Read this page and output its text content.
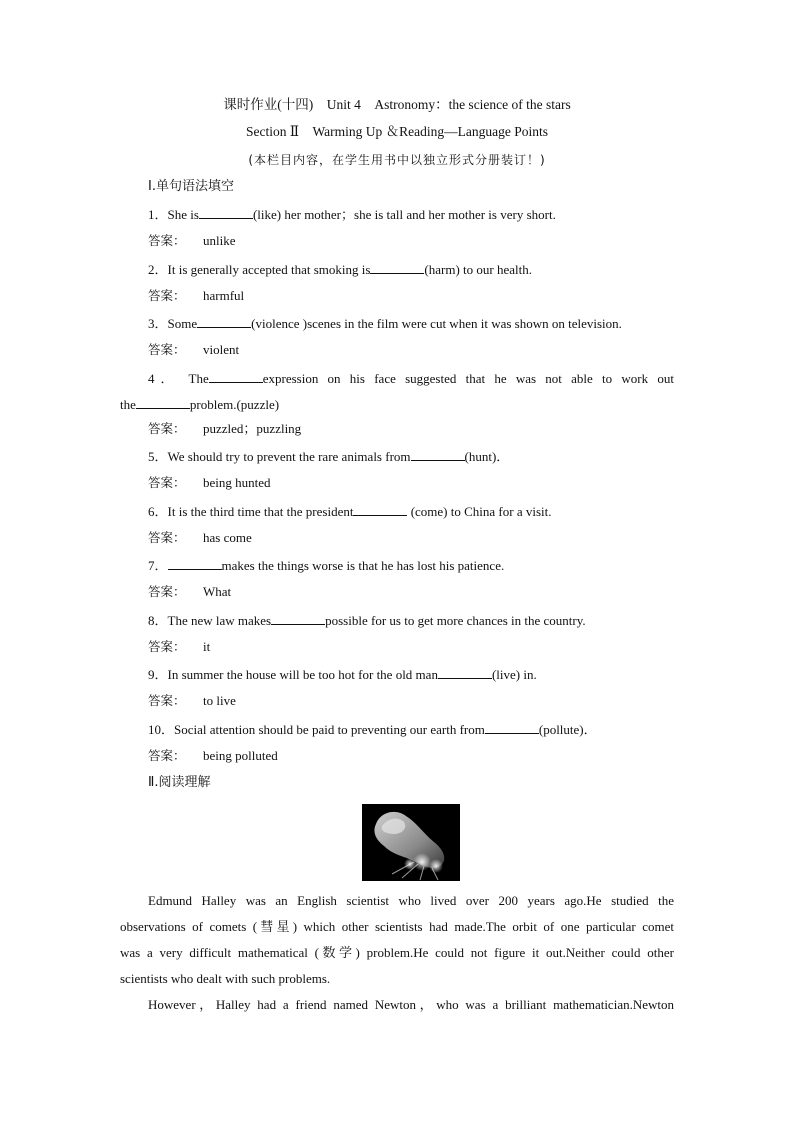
课时作业(十四)　Unit 4　Astronomy：the science of the stars
Section Ⅱ　Warming Up ＆Reading—Language Points
(本栏目内容，在学生用书中以独立形式分册装订！)
Ⅰ.单句语法填空
1．She is	(like) her mother；she is tall and her mother is very short.
答案： unlike
2．It is generally accepted that smoking is	(harm) to our health.
答案： harmful
3．Some	(violence )scenes in the film were cut when it was shown on television.
答案： violent
4． The	expression on his face suggested that he was not able to work out
the	problem.(puzzle)
答案： puzzled；puzzling
5．We should try to prevent the rare animals from	(hunt)．
答案： being hunted
6．It is the third time that the president	(come) to China for a visit.
答案： has come
7．	makes the things worse is that he has lost his patience.
答案： What
8．The new law makes	possible for us to get more chances in the country.
答案： it
9．In summer the house will be too hot for the old man	(live) in.
答案： to live
10．Social attention should be paid to preventing our earth from	(pollute)．
答案： being polluted
Ⅱ.阅读理解
Edmund Halley was an English scientist who lived over 200 years ago.He studied the
observations of comets (彗星) which other scientists had made.The orbit of one particular comet
was a very difficult mathematical (数学) problem.He could not figure it out.Neither could other
scientists who dealt with such problems.
However，Halley had a friend named Newton，who was a brilliant mathematician.Newton
